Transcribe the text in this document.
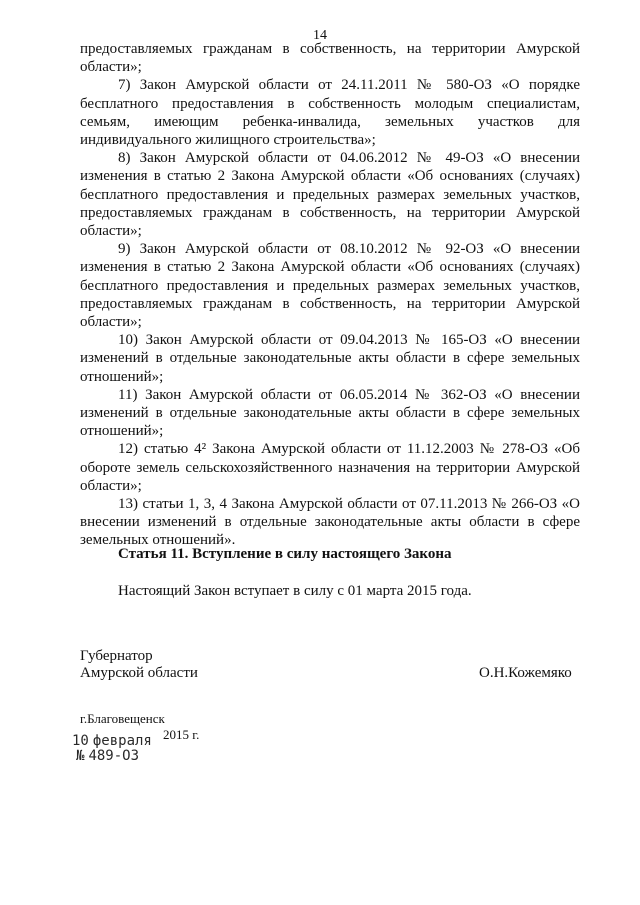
14

предоставляемых гражданам в собственность, на территории Амурской области»;

7) Закон Амурской области от 24.11.2011 № 580-ОЗ «О порядке бесплатного предоставления в собственность молодым специалистам, семьям, имеющим ребенка-инвалида, земельных участков для индивидуального жилищного строительства»;

8) Закон Амурской области от 04.06.2012 № 49-ОЗ «О внесении изменения в статью 2 Закона Амурской области «Об основаниях (случаях) бесплатного предоставления и предельных размерах земельных участков, предоставляемых гражданам в собственность, на территории Амурской области»;

9) Закон Амурской области от 08.10.2012 № 92-ОЗ «О внесении изменения в статью 2 Закона Амурской области «Об основаниях (случаях) бесплатного предоставления и предельных размерах земельных участков, предоставляемых гражданам в собственность, на территории Амурской области»;

10) Закон Амурской области от 09.04.2013 № 165-ОЗ «О внесении изменений в отдельные законодательные акты области в сфере земельных отношений»;

11) Закон Амурской области от 06.05.2014 № 362-ОЗ «О внесении изменений в отдельные законодательные акты области в сфере земельных отношений»;

12) статью 4² Закона Амурской области от 11.12.2003 № 278-ОЗ «Об обороте земель сельскохозяйственного назначения на территории Амурской области»;

13) статьи 1, 3, 4 Закона Амурской области от 07.11.2013 № 266-ОЗ «О внесении изменений в отдельные законодательные акты области в сфере земельных отношений».

Статья 11. Вступление в силу настоящего Закона
Настоящий Закон вступает в силу с 01 марта 2015 года.
Губернатор
Амурской области	О.Н.Кожемяко
г.Благовещенск
2015 г.
10 февраля
№ 489-ОЗ
